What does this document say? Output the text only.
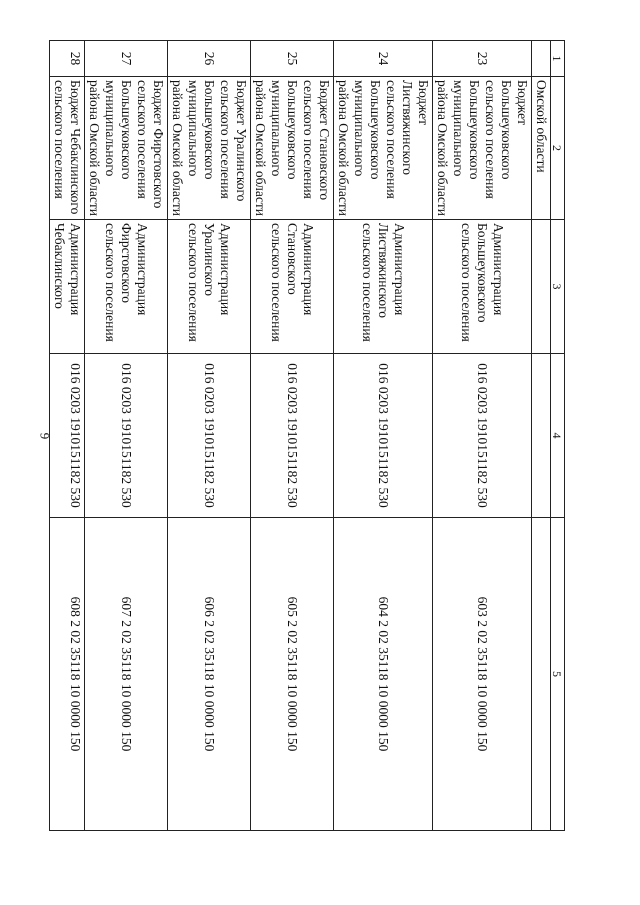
6
1	2	3	4	5
	Омской области			
23	Бюджет Большеуковского сельского поселения Большеуковского муниципального района Омской области	Администрация Большеуковского сельского поселения	016 0203 1910151182 530	603 2 02 35118 10 0000 150
24	Бюджет Листвяжинского сельского поселения Большеуковского муниципального района Омской области	Администрация Листвяжинского сельского поселения	016 0203 1910151182 530	604 2 02 35118 10 0000 150
25	Бюджет Становского сельского поселения Большеуковского муниципального района Омской области	Администрация Становского сельского поселения	016 0203 1910151182 530	605 2 02 35118 10 0000 150
26	Бюджет Уралинского сельского поселения Большеуковского муниципального района Омской области	Администрация Уралинского сельского поселения	016 0203 1910151182 530	606 2 02 35118 10 0000 150
27	Бюджет Фирстовского сельского поселения Большеуковского муниципального района Омской области	Администрация Фирстовского сельского поселения	016 0203 1910151182 530	607 2 02 35118 10 0000 150
28	Бюджет Чебаклинского сельского поселения	Администрация Чебаклинского	016 0203 1910151182 530	608 2 02 35118 10 0000 150
